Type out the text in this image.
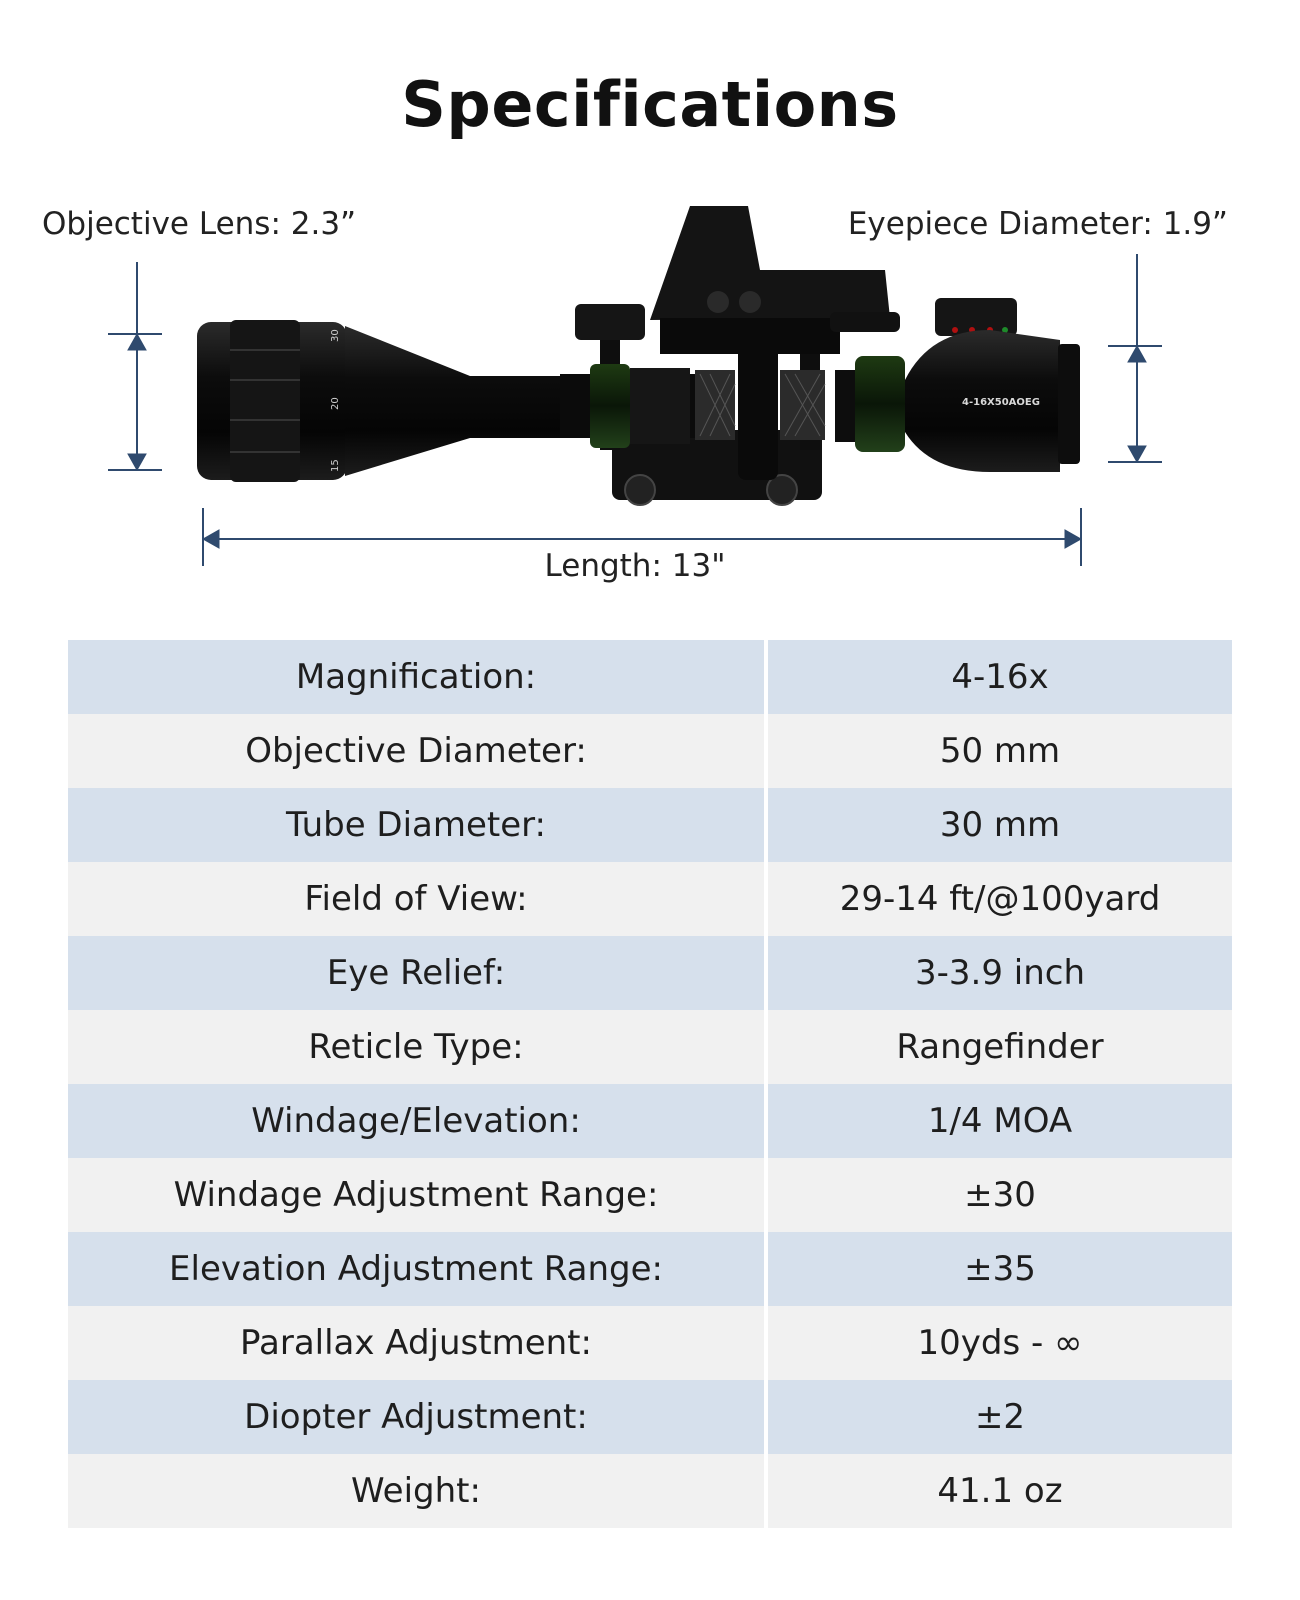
Specifications
Objective Lens: 2.3”	Eyepiece Diameter: 1.9”
Length: 13"
30
20
15
4-16X50AOEG
Magnification:	4-16x
Objective Diameter:	50 mm
Tube Diameter:	30 mm
Field of View:	29-14 ft/@100yard
Eye Relief:	3-3.9 inch
Reticle Type:	Rangefinder
Windage/Elevation:	1/4 MOA
Windage Adjustment Range:	±30
Elevation Adjustment Range:	±35
Parallax Adjustment:	10yds - ∞
Diopter Adjustment:	±2
Weight:	41.1 oz
